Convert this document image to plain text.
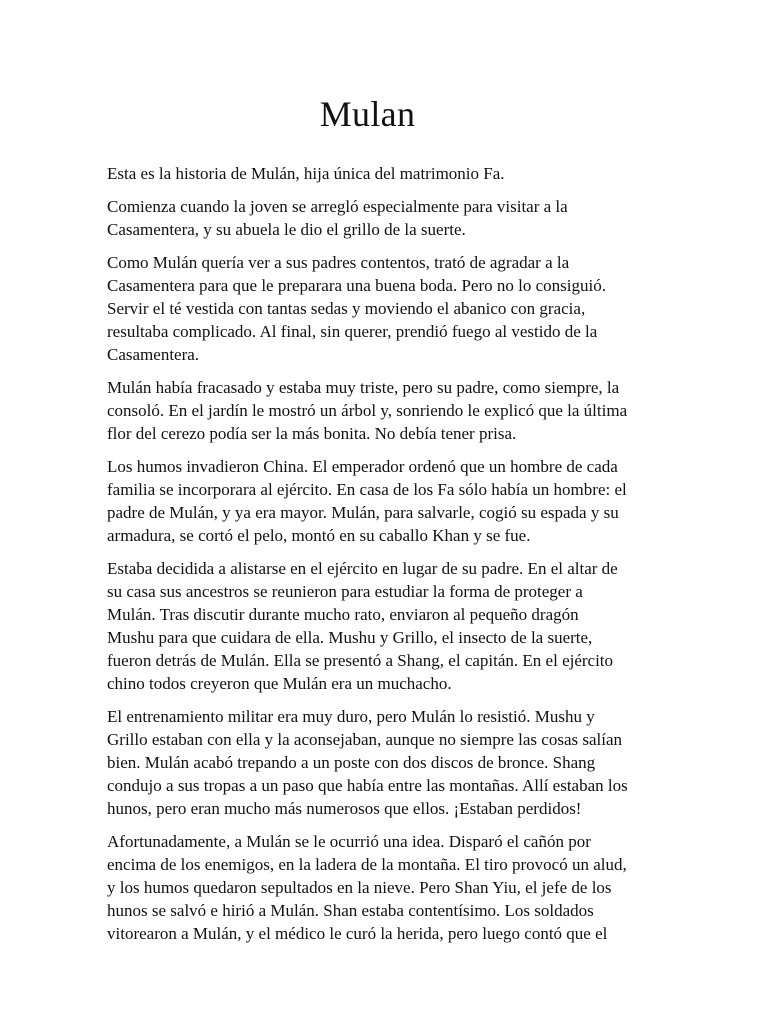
Mulan

Esta es la historia de Mulán, hija única del matrimonio Fa.

Comienza cuando la joven se arregló especialmente para visitar a la Casamentera, y su abuela le dio el grillo de la suerte.

Como Mulán quería ver a sus padres contentos, trató de agradar a la Casamentera para que le preparara una buena boda. Pero no lo consiguió. Servir el té vestida con tantas sedas y moviendo el abanico con gracia, resultaba complicado. Al final, sin querer, prendió fuego al vestido de la Casamentera.

Mulán había fracasado y estaba muy triste, pero su padre, como siempre, la consoló. En el jardín le mostró un árbol y, sonriendo le explicó que la última flor del cerezo podía ser la más bonita. No debía tener prisa.

Los humos invadieron China. El emperador ordenó que un hombre de cada familia se incorporara al ejército. En casa de los Fa sólo había un hombre: el padre de Mulán, y ya era mayor. Mulán, para salvarle, cogió su espada y su armadura, se cortó el pelo, montó en su caballo Khan y se fue.

Estaba decidida a alistarse en el ejército en lugar de su padre. En el altar de su casa sus ancestros se reunieron para estudiar la forma de proteger a Mulán. Tras discutir durante mucho rato, enviaron al pequeño dragón Mushu para que cuidara de ella. Mushu y Grillo, el insecto de la suerte, fueron detrás de Mulán. Ella se presentó a Shang, el capitán. En el ejército chino todos creyeron que Mulán era un muchacho.

El entrenamiento militar era muy duro, pero Mulán lo resistió. Mushu y Grillo estaban con ella y la aconsejaban, aunque no siempre las cosas salían bien. Mulán acabó trepando a un poste con dos discos de bronce. Shang condujo a sus tropas a un paso que había entre las montañas. Allí estaban los hunos, pero eran mucho más numerosos que ellos. ¡Estaban perdidos!

Afortunadamente, a Mulán se le ocurrió una idea. Disparó el cañón por encima de los enemigos, en la ladera de la montaña. El tiro provocó un alud, y los humos quedaron sepultados en la nieve. Pero Shan Yiu, el jefe de los hunos se salvó e hirió a Mulán. Shan estaba contentísimo. Los soldados vitorearon a Mulán, y el médico le curó la herida, pero luego contó que el
